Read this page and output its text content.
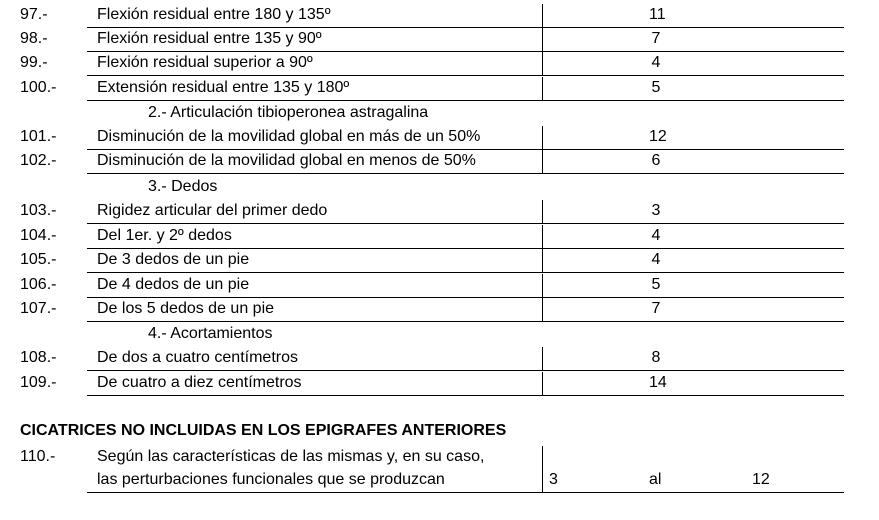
97.-	Flexión residual entre 180 y 135º	11
98.-	Flexión residual entre 135 y 90º	7
99.-	Flexión residual superior a 90º	4
100.-	Extensión residual entre 135 y 180º	5
2.- Articulación tibioperonea astragalina
101.-	Disminución de la movilidad global en más de un 50%	12
102.-	Disminución de la movilidad global en menos de 50%	6
3.- Dedos
103.-	Rigidez articular del primer dedo	3
104.-	Del 1er. y 2º dedos	4
105.-	De 3 dedos de un pie	4
106.-	De 4 dedos de un pie	5
107.-	De los 5 dedos de un pie	7
4.- Acortamientos
108.-	De dos a cuatro centímetros	8
109.-	De cuatro a diez centímetros	14
CICATRICES NO INCLUIDAS EN LOS EPIGRAFES ANTERIORES
110.-	Según las características de las mismas y, en su caso,
las perturbaciones funcionales que se produzcan	3	al	12
